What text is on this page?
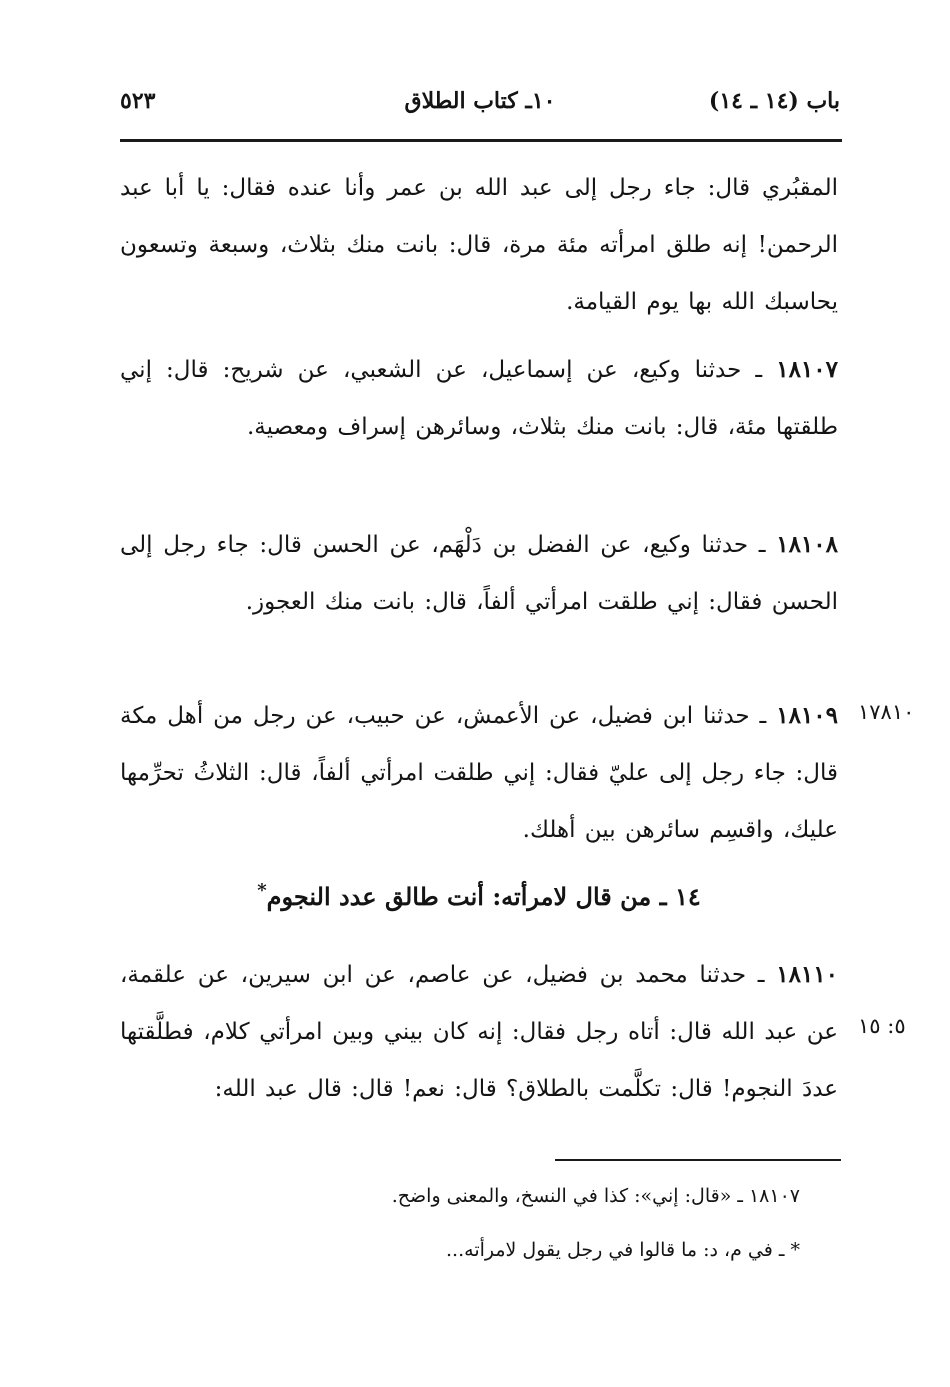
باب (١٤ ـ ١٤)
١٠ـ كتاب الطلاق
٥٢٣
المقبُري قال: جاء رجل إلى عبد الله بن عمر وأنا عنده فقال: يا أبا عبد الرحمن! إنه طلق امرأته مئة مرة، قال: بانت منك بثلاث، وسبعة وتسعون يحاسبك الله بها يوم القيامة.
١٨١٠٧ ـ حدثنا وكيع، عن إسماعيل، عن الشعبي، عن شريح: قال: إني طلقتها مئة، قال: بانت منك بثلاث، وسائرهن إسراف ومعصية.
١٨١٠٨ ـ حدثنا وكيع، عن الفضل بن دَلْهَم، عن الحسن قال: جاء رجل إلى الحسن فقال: إني طلقت امرأتي ألفاً، قال: بانت منك العجوز.
١٧٨١٠
١٨١٠٩ ـ حدثنا ابن فضيل، عن الأعمش، عن حبيب، عن رجل من أهل مكة قال: جاء رجل إلى عليّ فقال: إني طلقت امرأتي ألفاً، قال: الثلاثُ تحرِّمها عليك، واقسِم سائرهن بين أهلك.
١٤ ـ من قال لامرأته: أنت طالق عدد النجوم*
٥: ١٥
١٨١١٠ ـ حدثنا محمد بن فضيل، عن عاصم، عن ابن سيرين، عن علقمة، عن عبد الله قال: أتاه رجل فقال: إنه كان بيني وبين امرأتي كلام، فطلَّقتها عددَ النجوم! قال: تكلَّمت بالطلاق؟ قال: نعم! قال: قال عبد الله:
١٨١٠٧ ـ «قال: إني»: كذا في النسخ، والمعنى واضح.
* ـ في م، د: ما قالوا في رجل يقول لامرأته...
